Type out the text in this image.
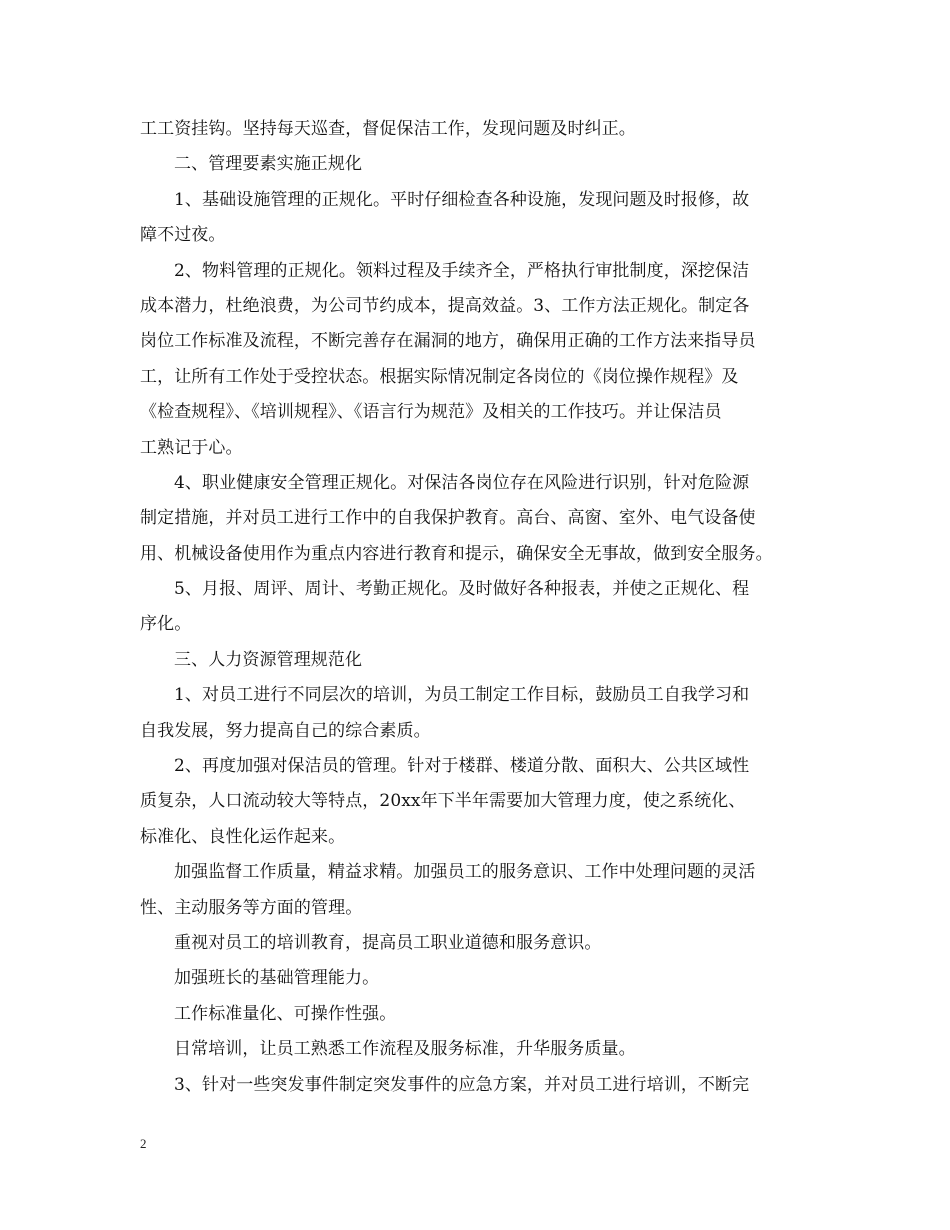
工工资挂钩。坚持每天巡查，督促保洁工作，发现问题及时纠正。
二、管理要素实施正规化
1、基础设施管理的正规化。平时仔细检查各种设施，发现问题及时报修，故
障不过夜。
2、物料管理的正规化。领料过程及手续齐全，严格执行审批制度，深挖保洁
成本潜力，杜绝浪费，为公司节约成本，提高效益。3、工作方法正规化。制定各
岗位工作标准及流程，不断完善存在漏洞的地方，确保用正确的工作方法来指导员
工，让所有工作处于受控状态。根据实际情况制定各岗位的《岗位操作规程》及
《检查规程》、《培训规程》、《语言行为规范》及相关的工作技巧。并让保洁员
工熟记于心。
4、职业健康安全管理正规化。对保洁各岗位存在风险进行识别，针对危险源
制定措施，并对员工进行工作中的自我保护教育。高台、高窗、室外、电气设备使
用、机械设备使用作为重点内容进行教育和提示，确保安全无事故，做到安全服务。
5、月报、周评、周计、考勤正规化。及时做好各种报表，并使之正规化、程
序化。
三、人力资源管理规范化
1、对员工进行不同层次的培训，为员工制定工作目标，鼓励员工自我学习和
自我发展，努力提高自己的综合素质。
2、再度加强对保洁员的管理。针对于楼群、楼道分散、面积大、公共区域性
质复杂，人口流动较大等特点，20xx年下半年需要加大管理力度，使之系统化、
标准化、良性化运作起来。
加强监督工作质量，精益求精。加强员工的服务意识、工作中处理问题的灵活
性、主动服务等方面的管理。
重视对员工的培训教育，提高员工职业道德和服务意识。
加强班长的基础管理能力。
工作标准量化、可操作性强。
日常培训，让员工熟悉工作流程及服务标准，升华服务质量。
3、针对一些突发事件制定突发事件的应急方案，并对员工进行培训，不断完
2
